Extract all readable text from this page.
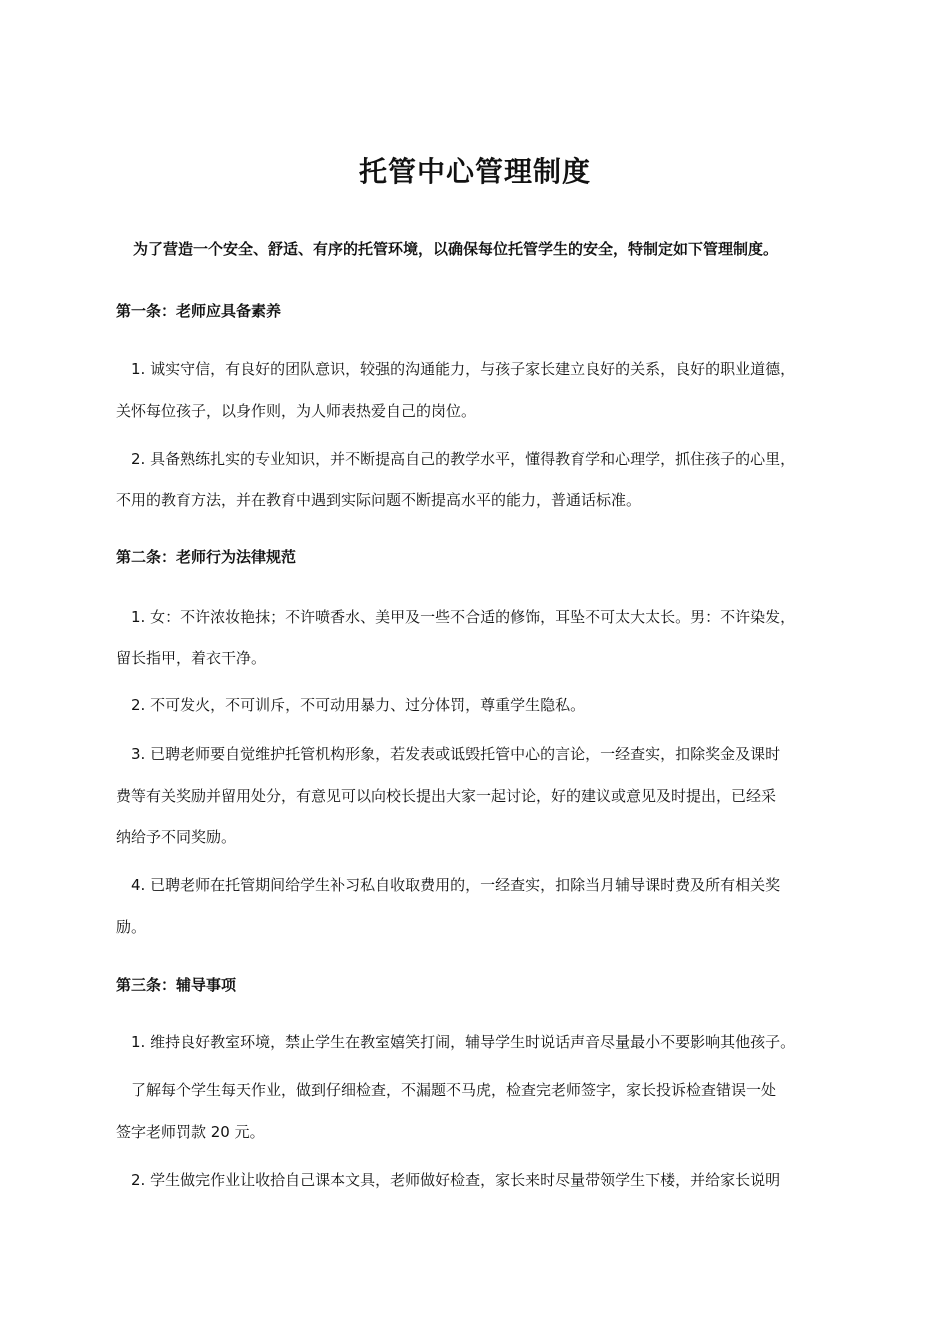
托管中心管理制度
为了营造一个安全、舒适、有序的托管环境，以确保每位托管学生的安全，特制定如下管理制度。
第一条：老师应具备素养
1. 诚实守信，有良好的团队意识，较强的沟通能力，与孩子家长建立良好的关系，良好的职业道德，
关怀每位孩子，以身作则，为人师表热爱自己的岗位。
2. 具备熟练扎实的专业知识，并不断提高自己的教学水平，懂得教育学和心理学，抓住孩子的心里，
不用的教育方法，并在教育中遇到实际问题不断提高水平的能力，普通话标准。
第二条：老师行为法律规范
1. 女：不许浓妆艳抹；不许喷香水、美甲及一些不合适的修饰，耳坠不可太大太长。男：不许染发，
留长指甲，着衣干净。
2. 不可发火，不可训斥，不可动用暴力、过分体罚，尊重学生隐私。
3. 已聘老师要自觉维护托管机构形象，若发表或诋毁托管中心的言论，一经查实，扣除奖金及课时
费等有关奖励并留用处分，有意见可以向校长提出大家一起讨论，好的建议或意见及时提出，已经采
纳给予不同奖励。
4. 已聘老师在托管期间给学生补习私自收取费用的，一经查实，扣除当月辅导课时费及所有相关奖
励。
第三条：辅导事项
1. 维持良好教室环境，禁止学生在教室嬉笑打闹，辅导学生时说话声音尽量最小不要影响其他孩子。
了解每个学生每天作业，做到仔细检查，不漏题不马虎，检查完老师签字，家长投诉检查错误一处
签字老师罚款 20 元。
2. 学生做完作业让收拾自己课本文具，老师做好检查，家长来时尽量带领学生下楼，并给家长说明
